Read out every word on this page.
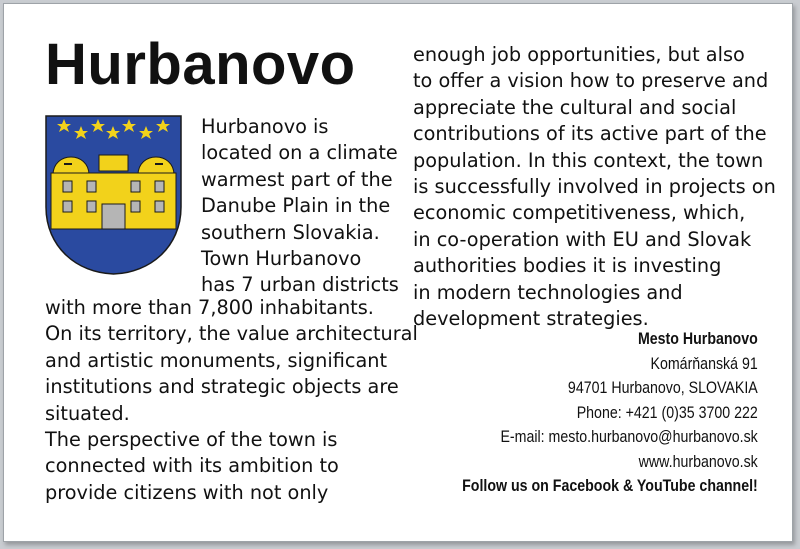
Hurbanovo
Hurbanovo is
located on a climate
warmest part of the
Danube Plain in the
southern Slovakia.
Town Hurbanovo
has 7 urban districts
with more than 7,800 inhabitants.
On its territory, the value architectural
and artistic monuments, significant
institutions and strategic objects are
situated.
The perspective of the town is
connected with its ambition to
provide citizens with not only
enough job opportunities, but also
to offer a vision how to preserve and
appreciate the cultural and social
contributions of its active part of the
population. In this context, the town
is successfully involved in projects on
economic competitiveness, which,
in co-operation with EU and Slovak
authorities bodies it is investing
in modern technologies and
development strategies.
Mesto Hurbanovo
Komárňanská 91
94701 Hurbanovo, SLOVAKIA
Phone: +421 (0)35 3700 222
E-mail: mesto.hurbanovo@hurbanovo.sk
www.hurbanovo.sk
Follow us on Facebook & YouTube channel!
